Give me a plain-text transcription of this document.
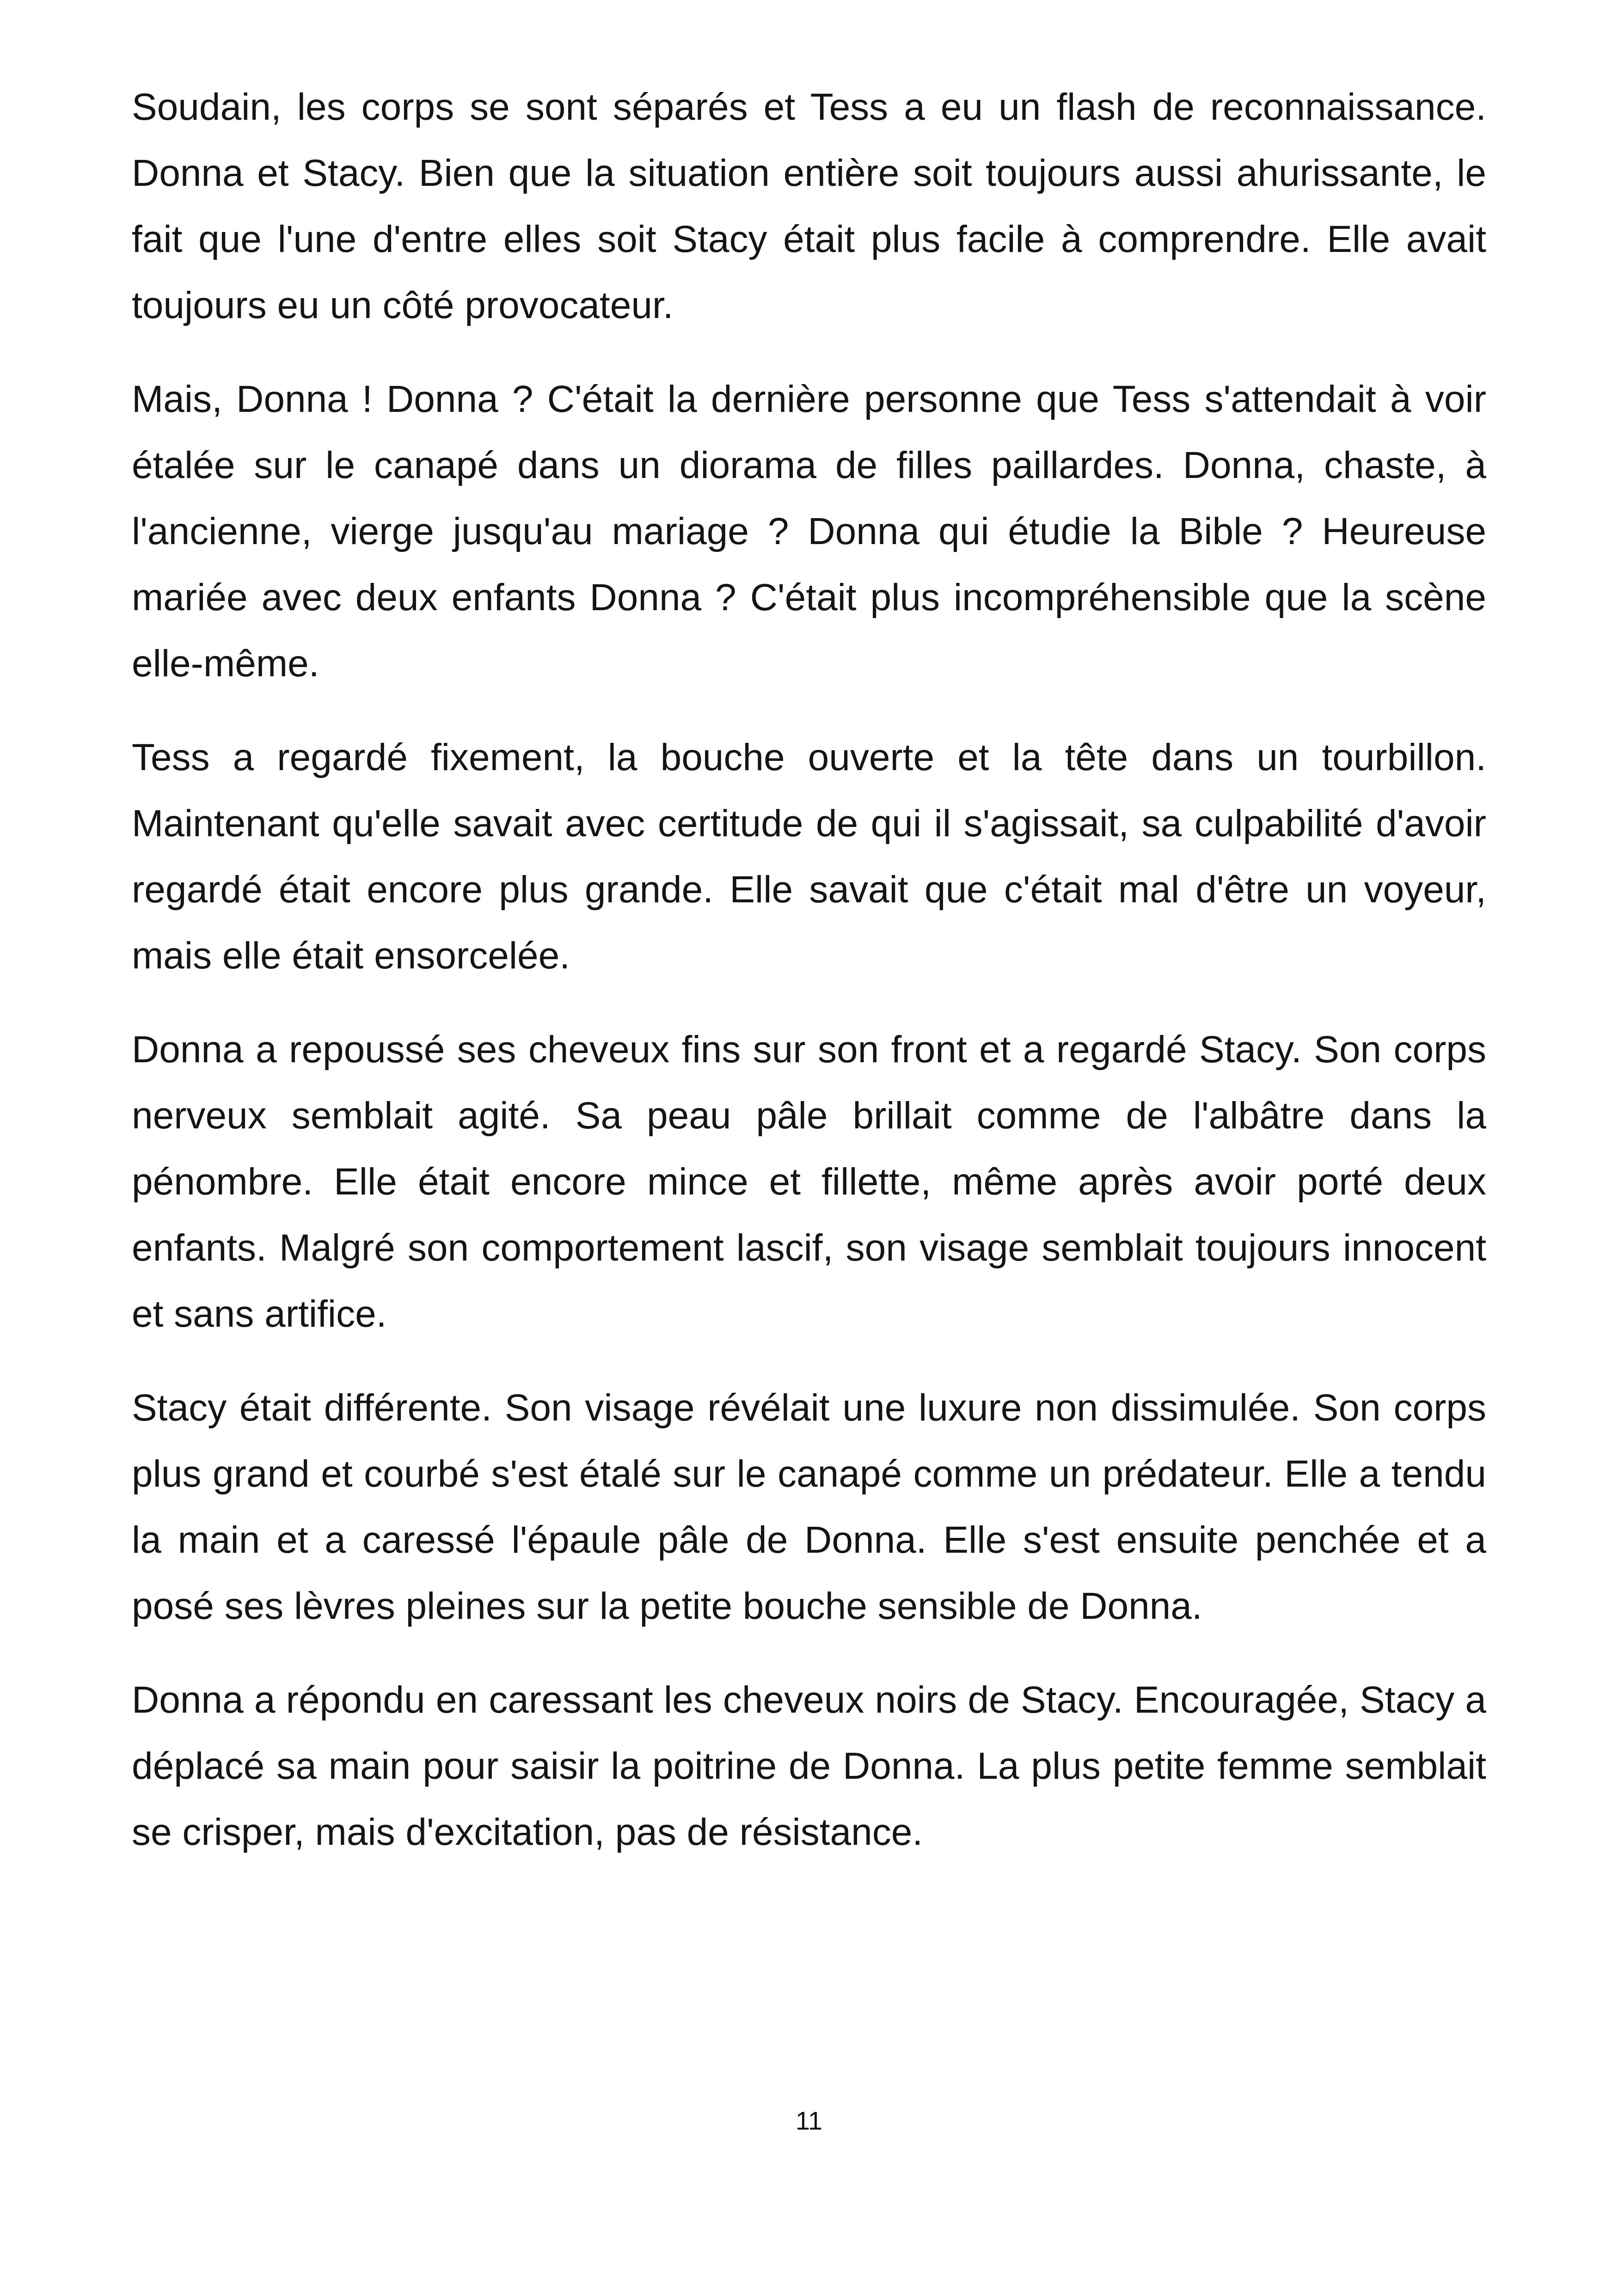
Soudain, les corps se sont séparés et Tess a eu un flash de reconnaissance. Donna et Stacy. Bien que la situation entière soit toujours aussi ahurissante, le fait que l'une d'entre elles soit Stacy était plus facile à comprendre. Elle avait toujours eu un côté provocateur.

Mais, Donna ! Donna ? C'était la dernière personne que Tess s'attendait à voir étalée sur le canapé dans un diorama de filles paillardes. Donna, chaste, à l'ancienne, vierge jusqu'au mariage ? Donna qui étudie la Bible ? Heureuse mariée avec deux enfants Donna ? C'était plus incompréhensible que la scène elle-même.

Tess a regardé fixement, la bouche ouverte et la tête dans un tourbillon. Maintenant qu'elle savait avec certitude de qui il s'agissait, sa culpabilité d'avoir regardé était encore plus grande. Elle savait que c'était mal d'être un voyeur, mais elle était ensorcelée.

Donna a repoussé ses cheveux fins sur son front et a regardé Stacy. Son corps nerveux semblait agité. Sa peau pâle brillait comme de l'albâtre dans la pénombre. Elle était encore mince et fillette, même après avoir porté deux enfants. Malgré son comportement lascif, son visage semblait toujours innocent et sans artifice.

Stacy était différente. Son visage révélait une luxure non dissimulée. Son corps plus grand et courbé s'est étalé sur le canapé comme un prédateur. Elle a tendu la main et a caressé l'épaule pâle de Donna. Elle s'est ensuite penchée et a posé ses lèvres pleines sur la petite bouche sensible de Donna.

Donna a répondu en caressant les cheveux noirs de Stacy. Encouragée, Stacy a déplacé sa main pour saisir la poitrine de Donna. La plus petite femme semblait se crisper, mais d'excitation, pas de résistance.

11
